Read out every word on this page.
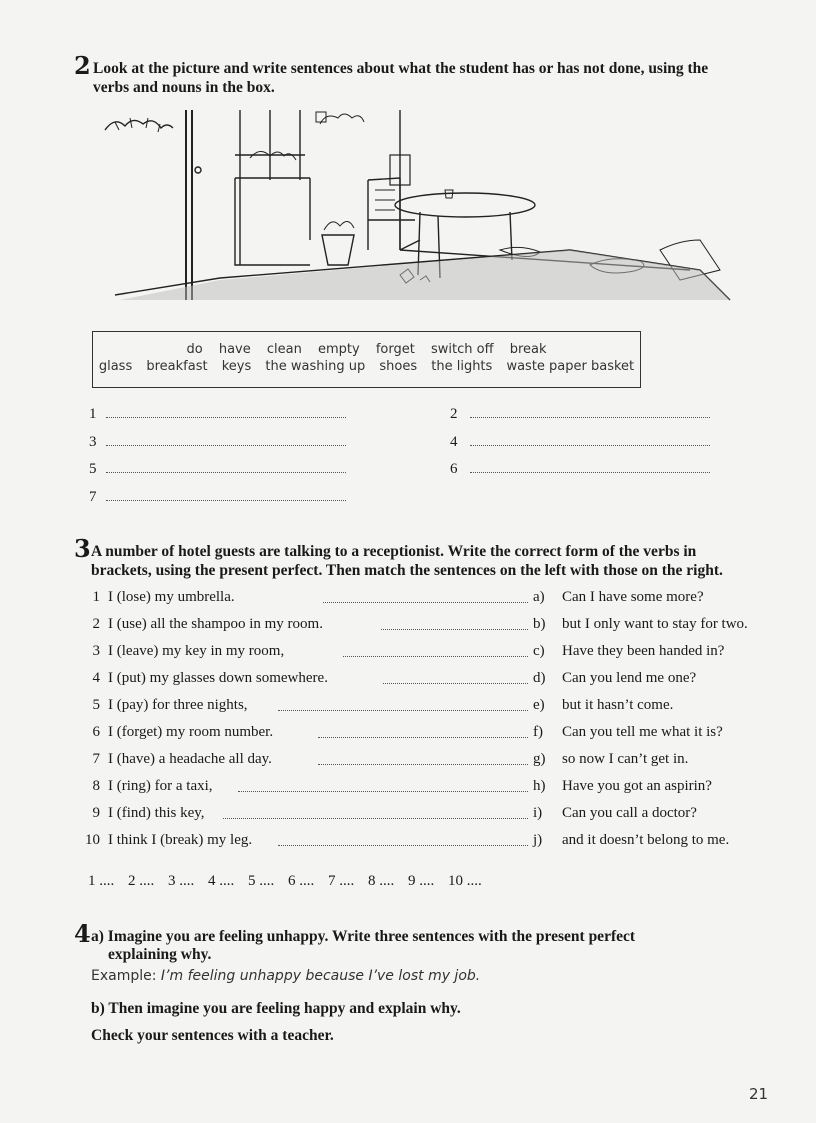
2 Look at the picture and write sentences about what the student has or has not done, using the
verbs and nouns in the box.
do have clean empty forget switch off break
glass breakfast keys the washing up shoes the lights waste paper basket
1	2
3	4
5	6
7
3 A number of hotel guests are talking to a receptionist. Write the correct form of the verbs in
brackets, using the present perfect. Then match the sentences on the left with those on the right.
1 I (lose) my umbrella.	a) Can I have some more?
2 I (use) all the shampoo in my room.	b) but I only want to stay for two.
3 I (leave) my key in my room,	c) Have they been handed in?
4 I (put) my glasses down somewhere.	d) Can you lend me one?
5 I (pay) for three nights,	e) but it hasn’t come.
6 I (forget) my room number.	f) Can you tell me what it is?
7 I (have) a headache all day.	g) so now I can’t get in.
8 I (ring) for a taxi,	h) Have you got an aspirin?
9 I (find) this key,	i) Can you call a doctor?
10 I think I (break) my leg.	j) and it doesn’t belong to me.
1 .... 2 .... 3 .... 4 .... 5 .... 6 .... 7 .... 8 .... 9 .... 10 ....
4 a) Imagine you are feeling unhappy. Write three sentences with the present perfect
explaining why.
Example: I’m feeling unhappy because I’ve lost my job.
b) Then imagine you are feeling happy and explain why.
Check your sentences with a teacher.
21
